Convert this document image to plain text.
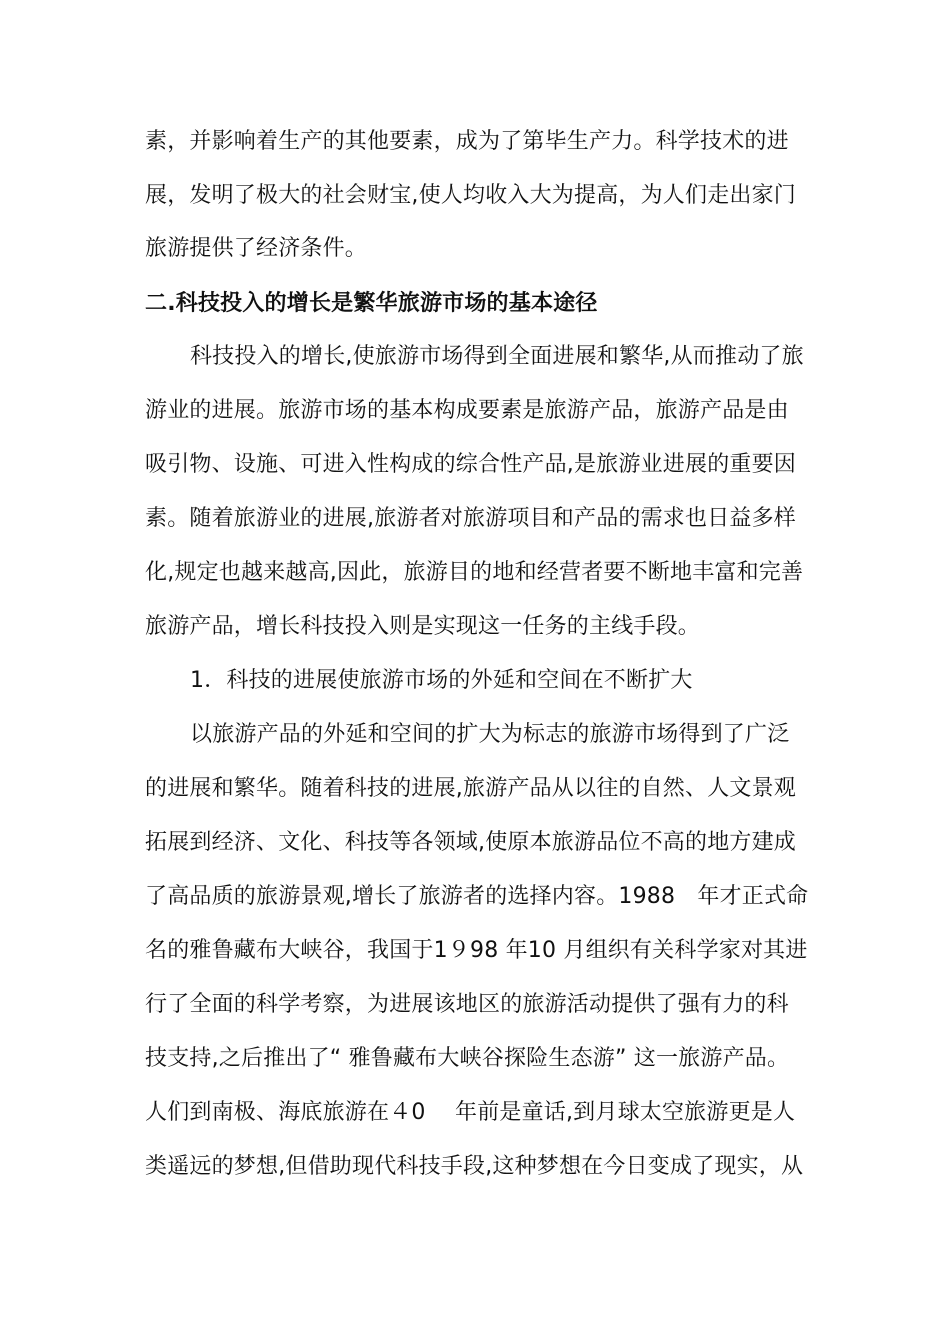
素，并影响着生产的其他要素，成为了第毕生产力。科学技术的进
展，发明了极大的社会财宝,使人均收入大为提高，为人们走出家门
旅游提供了经济条件。
二.科技投入的增长是繁华旅游市场的基本途径
科技投入的增长,使旅游市场得到全面进展和繁华,从而推动了旅
游业的进展。旅游市场的基本构成要素是旅游产品，旅游产品是由
吸引物、设施、可进入性构成的综合性产品,是旅游业进展的重要因
素。随着旅游业的进展,旅游者对旅游项目和产品的需求也日益多样
化,规定也越来越高,因此，旅游目的地和经营者要不断地丰富和完善
旅游产品，增长科技投入则是实现这一任务的主线手段。
1．科技的进展使旅游市场的外延和空间在不断扩大
以旅游产品的外延和空间的扩大为标志的旅游市场得到了广泛
的进展和繁华。随着科技的进展,旅游产品从以往的自然、人文景观
拓展到经济、文化、科技等各领域,使原本旅游品位不高的地方建成
了高品质的旅游景观,增长了旅游者的选择内容。1988　年才正式命
名的雅鲁藏布大峡谷，我国于1９98 年10 月组织有关科学家对其进
行了全面的科学考察，为进展该地区的旅游活动提供了强有力的科
技支持,之后推出了“ 雅鲁藏布大峡谷探险生态游” 这一旅游产品。
人们到南极、海底旅游在４0　 年前是童话,到月球太空旅游更是人
类遥远的梦想,但借助现代科技手段,这种梦想在今日变成了现实，从
